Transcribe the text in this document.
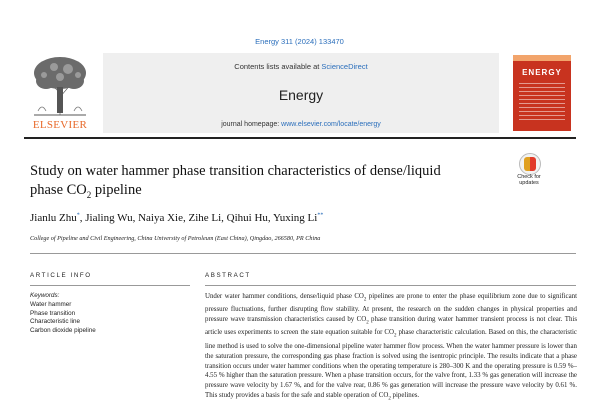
Energy 311 (2024) 133470
ELSEVIER
Contents lists available at ScienceDirect
Energy
journal homepage: www.elsevier.com/locate/energy
ENERGY
Study on water hammer phase transition characteristics of dense/liquid
phase $CO_2$ pipeline
Check for
updates
Jianlu Zhu*, Jialing Wu, Naiya Xie, Zihe Li, Qihui Hu, Yuxing Li**
College of Pipeline and Civil Engineering, China University of Petroleum (East China), Qingdao, 266580, PR China
ARTICLE INFO	ABSTRACT
Keywords:
Water hammer
Phase transition
Characteristic line
Carbon dioxide pipeline
Under water hammer conditions, dense/liquid phase $CO_2$ pipelines are prone to enter the phase equilibrium zone due to significant pressure fluctuations, further disrupting flow stability. At present, the research on the sudden changes in physical properties and pressure wave transmission characteristics caused by $CO_2$ phase transition during water hammer transient process is not clear. This article uses experiments to screen the state equation suitable for $CO_2$ phase characteristic calculation. Based on this, the characteristic line method is used to solve the one-dimensional pipeline water hammer flow process. When the water hammer pressure is lower than the saturation pressure, the corresponding gas phase fraction is solved using the isentropic principle. The results indicate that a phase transition occurs under water hammer conditions when the operating temperature is 280–300 K and the operating pressure is 0.59 %–4.55 % higher than the saturation pressure. When a phase transition occurs, for the valve front, 1.33 % gas generation will increase the pressure wave velocity by 1.67 %, and for the valve rear, 0.86 % gas generation will increase the pressure wave velocity by 0.61 %. This study provides a basis for the safe and stable operation of $CO_2$ pipelines.
